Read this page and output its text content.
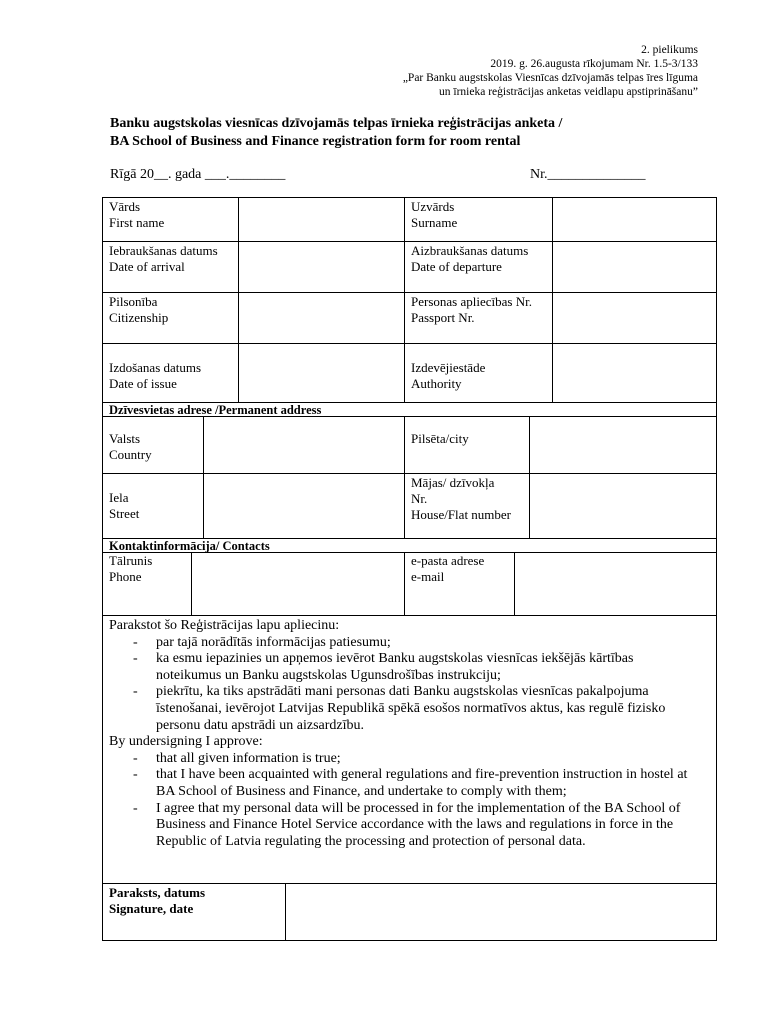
2. pielikums
2019. g. 26.augusta rīkojumam Nr. 1.5-3/133
„Par Banku augstskolas Viesnīcas dzīvojamās telpas īres līguma
un īrnieka reģistrācijas anketas veidlapu apstiprināšanu”
Banku augstskolas viesnīcas dzīvojamās telpas īrnieka reģistrācijas anketa /
BA School of Business and Finance registration form for room rental
Rīgā 20__. gada ___.________	Nr.______________
Vārds
First name
Uzvārds
Surname
Iebraukšanas datums
Date of arrival
Aizbraukšanas datums
Date of departure
Pilsonība
Citizenship
Personas apliecības Nr.
Passport Nr.
Izdošanas datums
Date of issue
Izdevējiestāde
Authority
Dzīvesvietas adrese /Permanent address
Valsts
Country
Pilsēta/city
Iela
Street
Mājas/ dzīvokļa
Nr.
House/Flat number
Kontaktinformācija/ Contacts
Tālrunis
Phone
e-pasta adrese
e-mail
Parakstot šo Reģistrācijas lapu apliecinu:
- par tajā norādītās informācijas patiesumu;
- ka esmu iepazinies un apņemos ievērot Banku augstskolas viesnīcas iekšējās kārtības noteikumus un Banku augstskolas Ugunsdrošības instrukciju;
- piekrītu, ka tiks apstrādāti mani personas dati Banku augstskolas viesnīcas pakalpojuma īstenošanai, ievērojot Latvijas Republikā spēkā esošos normatīvos aktus, kas regulē fizisko personu datu apstrādi un aizsardzību.
By undersigning I approve:
- that all given information is true;
- that I have been acquainted with general regulations and fire-prevention instruction in hostel at BA School of Business and Finance, and undertake to comply with them;
- I agree that my personal data will be processed in for the implementation of the BA School of Business and Finance Hotel Service accordance with the laws and regulations in force in the Republic of Latvia regulating the processing and protection of personal data.
Paraksts, datums
Signature, date
